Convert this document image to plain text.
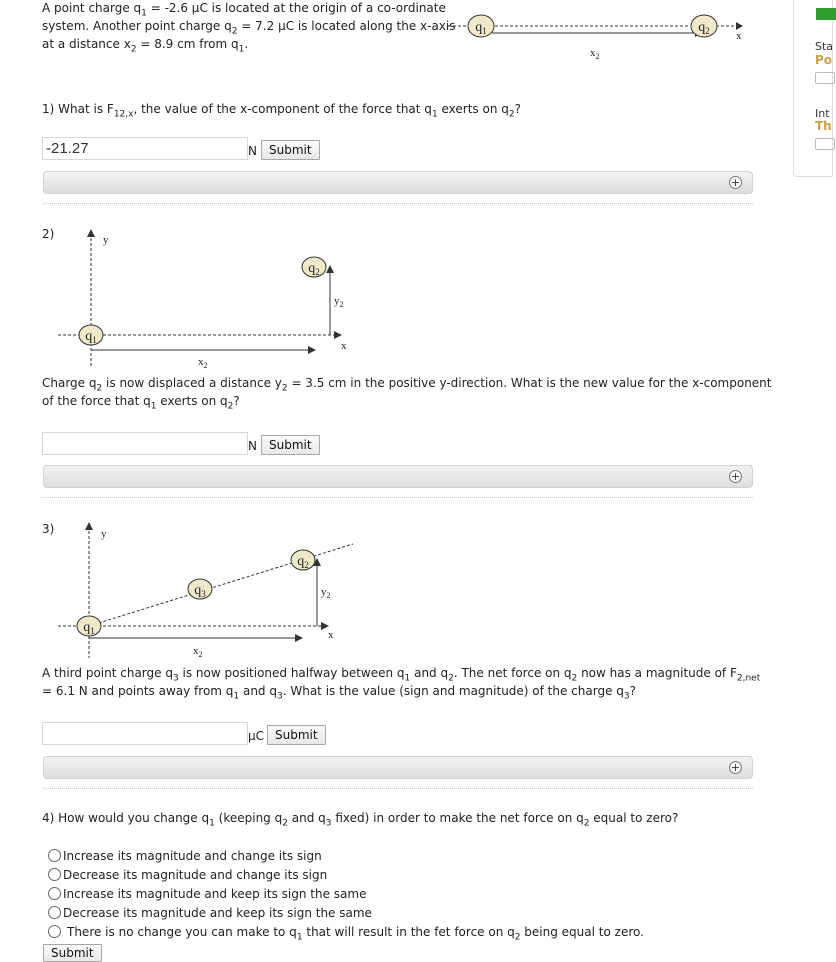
A point charge $q_1 = -2.6$ μC is located at the origin of a co-ordinate
system. Another point charge $q_2 = 7.2$ μC is located along the x-axis
at a distance $x_2 = 8.9$ cm from $q_1$.
$q_1$	$q_2$ x
$x_2$
1) What is $F_{12,x}$, the value of the x-component of the force that $q_1$ exerts on $q_2$?
-21.27
N	Submit
+
2)	y
x
$x_2$
$y_2$
$q_1$
$q_2$
Charge $q_2$ is now displaced a distance $y_2 = 3.5$ cm in the positive y-direction. What is the new value for the x-component
of the force that $q_1$ exerts on $q_2$?
N	Submit
+
3)	y
x
$x_2$
$y_2$
$q_1$
$q_3$
$q_2$
A third point charge $q_3$ is now positioned halfway between $q_1$ and $q_2$. The net force on $q_2$ now has a magnitude of $F_{2,net}$
= 6.1 N and points away from $q_1$ and $q_3$. What is the value (sign and magnitude) of the charge $q_3$?
μC Submit
+
4) How would you change $q_1$ (keeping $q_2$ and $q_3$ fixed) in order to make the net force on $q_2$ equal to zero?
Increase its magnitude and change its sign
Decrease its magnitude and change its sign
Increase its magnitude and keep its sign the same
Decrease its magnitude and keep its sign the same
There is no change you can make to $q_1$ that will result in the fet force on $q_2$ being equal to zero.
Submit
Sta
Po
Int
Th
